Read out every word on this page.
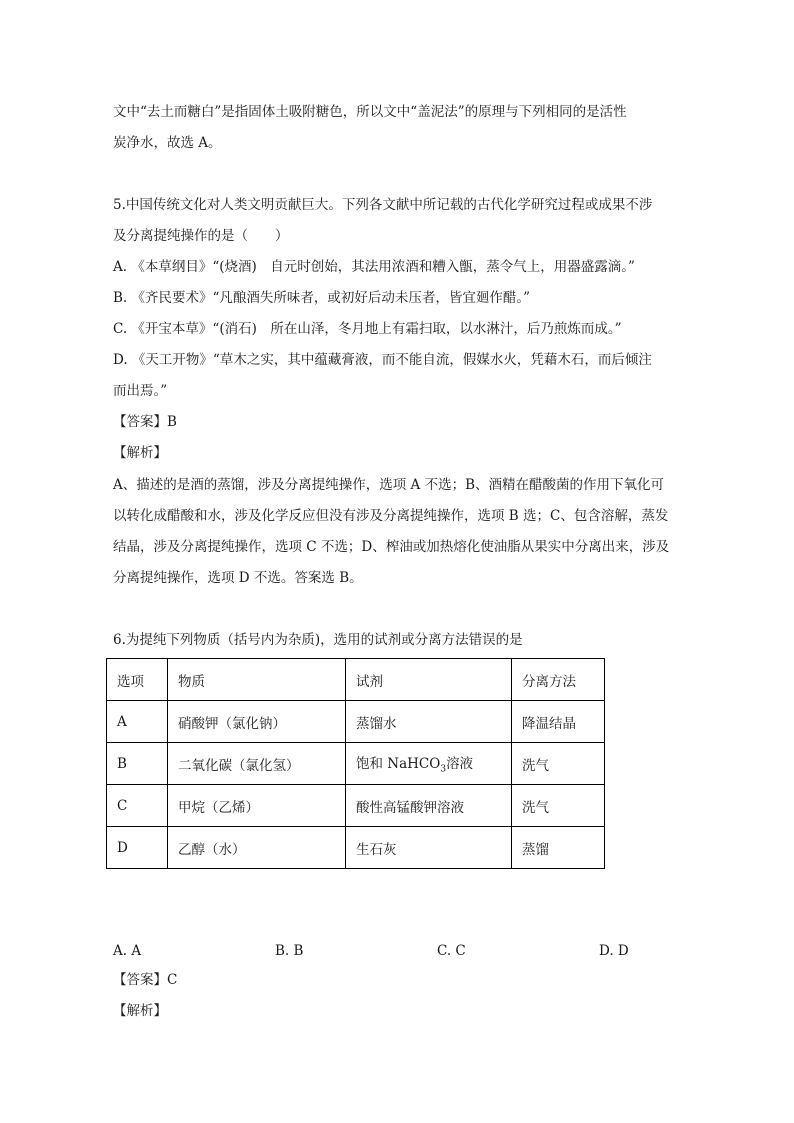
文中“去土而糖白”是指固体土吸附糖色，所以文中“盖泥法”的原理与下列相同的是活性
炭净水，故选 A。
5.中国传统文化对人类文明贡献巨大。下列各文献中所记载的古代化学研究过程或成果不涉
及分离提纯操作的是（　　）
A. 《本草纲目》“(烧酒)　自元时创始，其法用浓酒和糟入甑，蒸令气上，用器盛露滴。”
B. 《齐民要术》“凡酿酒失所味者，或初好后动未压者，皆宜廻作醋。”
C. 《开宝本草》“(消石)　所在山泽，冬月地上有霜扫取，以水淋汁，后乃煎炼而成。”
D. 《天工开物》“草木之实，其中蕴藏膏液，而不能自流，假媒水火，凭藉木石，而后倾注
而出焉。”
【答案】B
【解析】
A、描述的是酒的蒸馏，涉及分离提纯操作，选项 A 不选；B、酒精在醋酸菌的作用下氧化可
以转化成醋酸和水，涉及化学反应但没有涉及分离提纯操作，选项 B 选；C、包含溶解，蒸发
结晶，涉及分离提纯操作，选项 C 不选；D、榨油或加热熔化使油脂从果实中分离出来，涉及
分离提纯操作，选项 D 不选。答案选 B。
6.为提纯下列物质（括号内为杂质)，选用的试剂或分离方法错误的是
选项	物质	试剂	分离方法
A	硝酸钾（氯化钠）	蒸馏水	降温结晶
B	二氧化碳（氯化氢）	饱和 NaHCO$_3$溶液	洗气
C	甲烷（乙烯）	酸性高锰酸钾溶液	洗气
D	乙醇（水）	生石灰	蒸馏
A. A	B. B	C. C	D. D
【答案】C
【解析】
